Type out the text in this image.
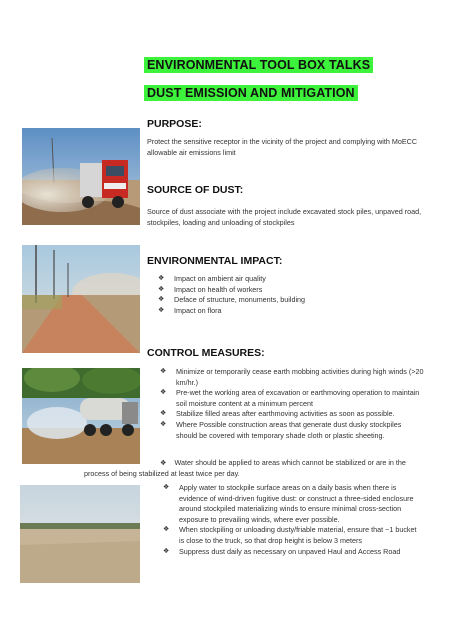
ENVIRONMENTAL TOOL BOX TALKS
DUST EMISSION AND MITIGATION
PURPOSE:
Protect the sensitive receptor in the vicinity of the project and complying with MoECC allowable air emissions limit
SOURCE OF DUST:
Source of dust associate with the project include excavated stock piles, unpaved road, stockpiles, loading and unloading of stockpiles
ENVIRONMENTAL IMPACT:
❖ Impact on ambient air quality
❖ Impact on health of workers
❖ Deface of structure, monuments, building
❖ Impact on flora
CONTROL MEASURES:
❖ Minimize or temporarily cease earth mobbing activities during high winds (>20 km/hr.)
❖ Pre-wet the working area of excavation or earthmoving operation to maintain soil moisture content at a minimum percent
❖ Stabilize filled areas after earthmoving activities as soon as possible.
❖ Where Possible construction areas that generate dust dusky stockpiles should be covered with temporary shade cloth or plastic sheeting.
❖ Water should be applied to areas which cannot be stabilized or are in the process of being stabilized at least twice per day.
❖ Apply water to stockpile surface areas on a daily basis when there is evidence of wind-driven fugitive dust: or construct a three-sided enclosure around stockpiled materializing winds to ensure minimal cross-section exposure to prevailing winds, where ever possible.
❖ When stockpiling or unloading dusty/friable material, ensure that ~1 bucket is close to the truck, so that drop height is below 3 meters
❖ Suppress dust daily as necessary on unpaved Haul and Access Road
